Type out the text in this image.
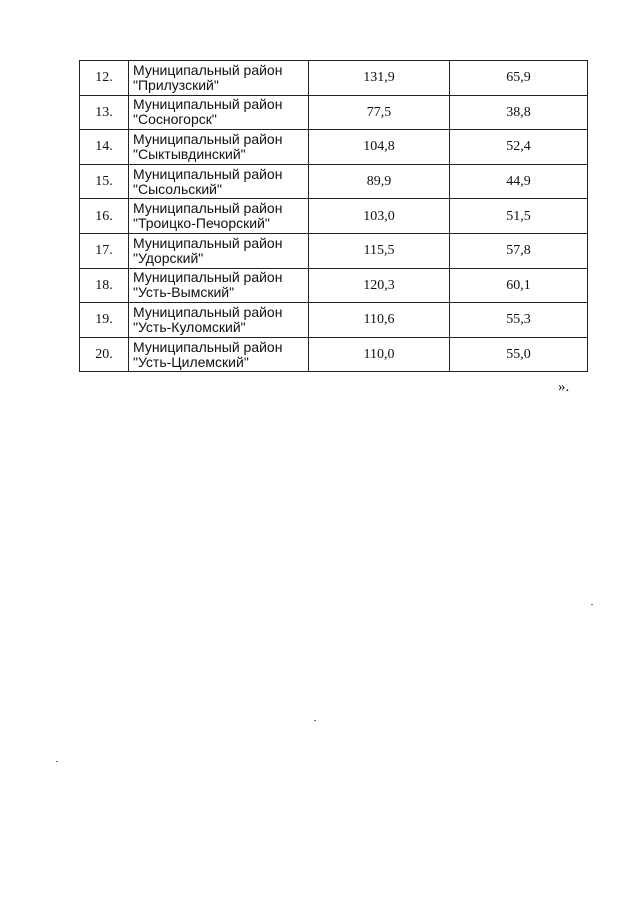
12.	Муниципальный район
"Прилузский"	131,9	65,9
13.	Муниципальный район
"Сосногорск"	77,5	38,8
14.	Муниципальный район
"Сыктывдинский"	104,8	52,4
15.	Муниципальный район
"Сысольский"	89,9	44,9
16.	Муниципальный район
"Троицко-Печорский"	103,0	51,5
17.	Муниципальный район
"Удорский"	115,5	57,8
18.	Муниципальный район
"Усть-Вымский"	120,3	60,1
19.	Муниципальный район
"Усть-Куломский"	110,6	55,3
20.	Муниципальный район
"Усть-Цилемский"	110,0	55,0
».
